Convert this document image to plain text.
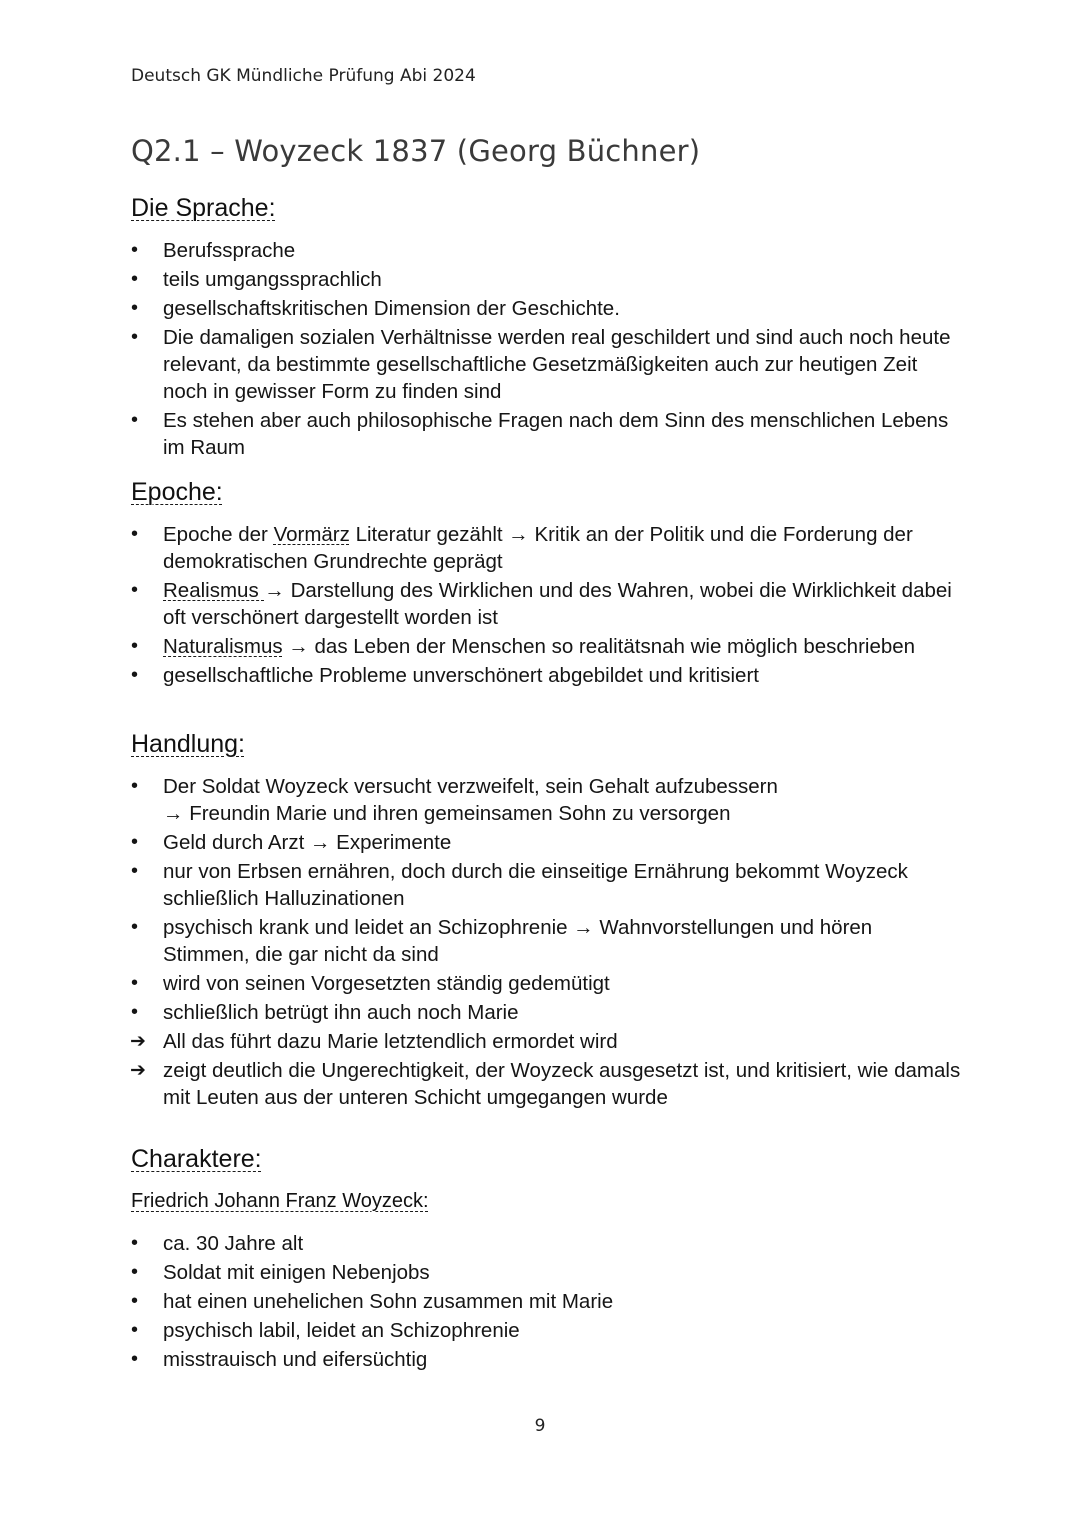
Deutsch GK Mündliche Prüfung Abi 2024
Q2.1 – Woyzeck 1837 (Georg Büchner)
Die Sprache:
• Berufssprache
• teils umgangssprachlich
• gesellschaftskritischen Dimension der Geschichte.
• Die damaligen sozialen Verhältnisse werden real geschildert und sind auch noch heute relevant, da bestimmte gesellschaftliche Gesetzmäßigkeiten auch zur heutigen Zeit noch in gewisser Form zu finden sind
• Es stehen aber auch philosophische Fragen nach dem Sinn des menschlichen Lebens im Raum
Epoche:
• Epoche der Vormärz Literatur gezählt → Kritik an der Politik und die Forderung der demokratischen Grundrechte geprägt
• Realismus → Darstellung des Wirklichen und des Wahren, wobei die Wirklichkeit dabei oft verschönert dargestellt worden ist
• Naturalismus → das Leben der Menschen so realitätsnah wie möglich beschrieben
• gesellschaftliche Probleme unverschönert abgebildet und kritisiert
Handlung:
• Der Soldat Woyzeck versucht verzweifelt, sein Gehalt aufzubessern
→ Freundin Marie und ihren gemeinsamen Sohn zu versorgen
• Geld durch Arzt → Experimente
• nur von Erbsen ernähren, doch durch die einseitige Ernährung bekommt Woyzeck schließlich Halluzinationen
• psychisch krank und leidet an Schizophrenie → Wahnvorstellungen und hören Stimmen, die gar nicht da sind
• wird von seinen Vorgesetzten ständig gedemütigt
• schließlich betrügt ihn auch noch Marie
➔ All das führt dazu Marie letztendlich ermordet wird
➔ zeigt deutlich die Ungerechtigkeit, der Woyzeck ausgesetzt ist, und kritisiert, wie damals mit Leuten aus der unteren Schicht umgegangen wurde
Charaktere:
Friedrich Johann Franz Woyzeck:
• ca. 30 Jahre alt
• Soldat mit einigen Nebenjobs
• hat einen unehelichen Sohn zusammen mit Marie
• psychisch labil, leidet an Schizophrenie
• misstrauisch und eifersüchtig
9
